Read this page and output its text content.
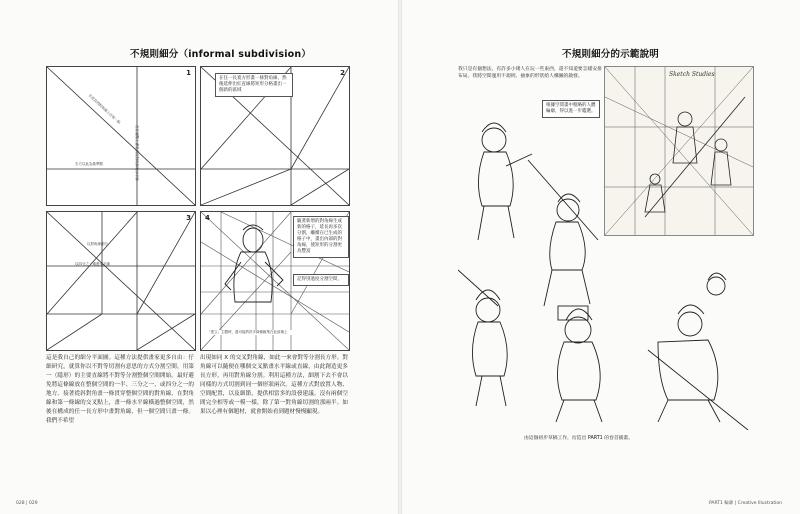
不規則細分（informal subdivision）
1
在此頁的對角線上任取一點
在任意點上畫垂直於對角線的水平線
右方以此為基準點
2
在任一長寬方形畫一條對角線，然後延伸出紅直線將矩形分格畫出一個新的區域
3
以對角線劃分
以四分之一處畫水平線
4	隨著新增的對角線生成新的格子，延長再多次分割，繼續在已生成的格子中，畫出內部的對角線，使矩形的分割更為豐富
記得別過度分割空間，
「建立」主體時，盡可能將許多線條匯集在此區塊上
這是我自己的細分平面圖。這種方法提供畫家更多自由：仔細研究，就算你以不對等切割有意思的方式分割空間，用第一（隱形）的主要直線將不對等分割整個空間開始。最好避免將這條線放在整個空間的一半、三分之一，或四分之一的地方。接著從斜對角畫一條貫穿整個空間的對角線，在對角線和第一條線的交叉點上，畫一條水平線橫過整個空間，然後在構成的任一長方形中畫對角線，但一個空間只畫一條。我們不希望
出現如同 X 的交叉對角線，如此一來會對等分割長方形。對角線可以隨便在哪個交叉點畫水平線或直線，由此創造更多長方形，再用對角線分割。利用這種方法，細割下去不會以同樣的方式切割到同一個形狀兩次。這種方式對放置人物、空間配置，以及細節，提供相當多的設發建議。沒有兩個空間完全相等或一模一樣，除了第一對角線切割的那兩半。如果以心裡有個題材，就會開始看到題材慢慢顯現。
028 | 029
不規則細分的示範說明
我只是有個想法，有許多小矮人在玩一些東西，還不知道要怎樣安排布局。我將空間運用不規則、抽象的形狀給人構圖的啟發。	Sketch Studies
根據空間畫中粗略的人體輪廓，得以進一步鑑選。
由這個初步草稿工作，衍造出 PART1 的卷首插畫。
PART1 輪廓 | Creative Illustration
